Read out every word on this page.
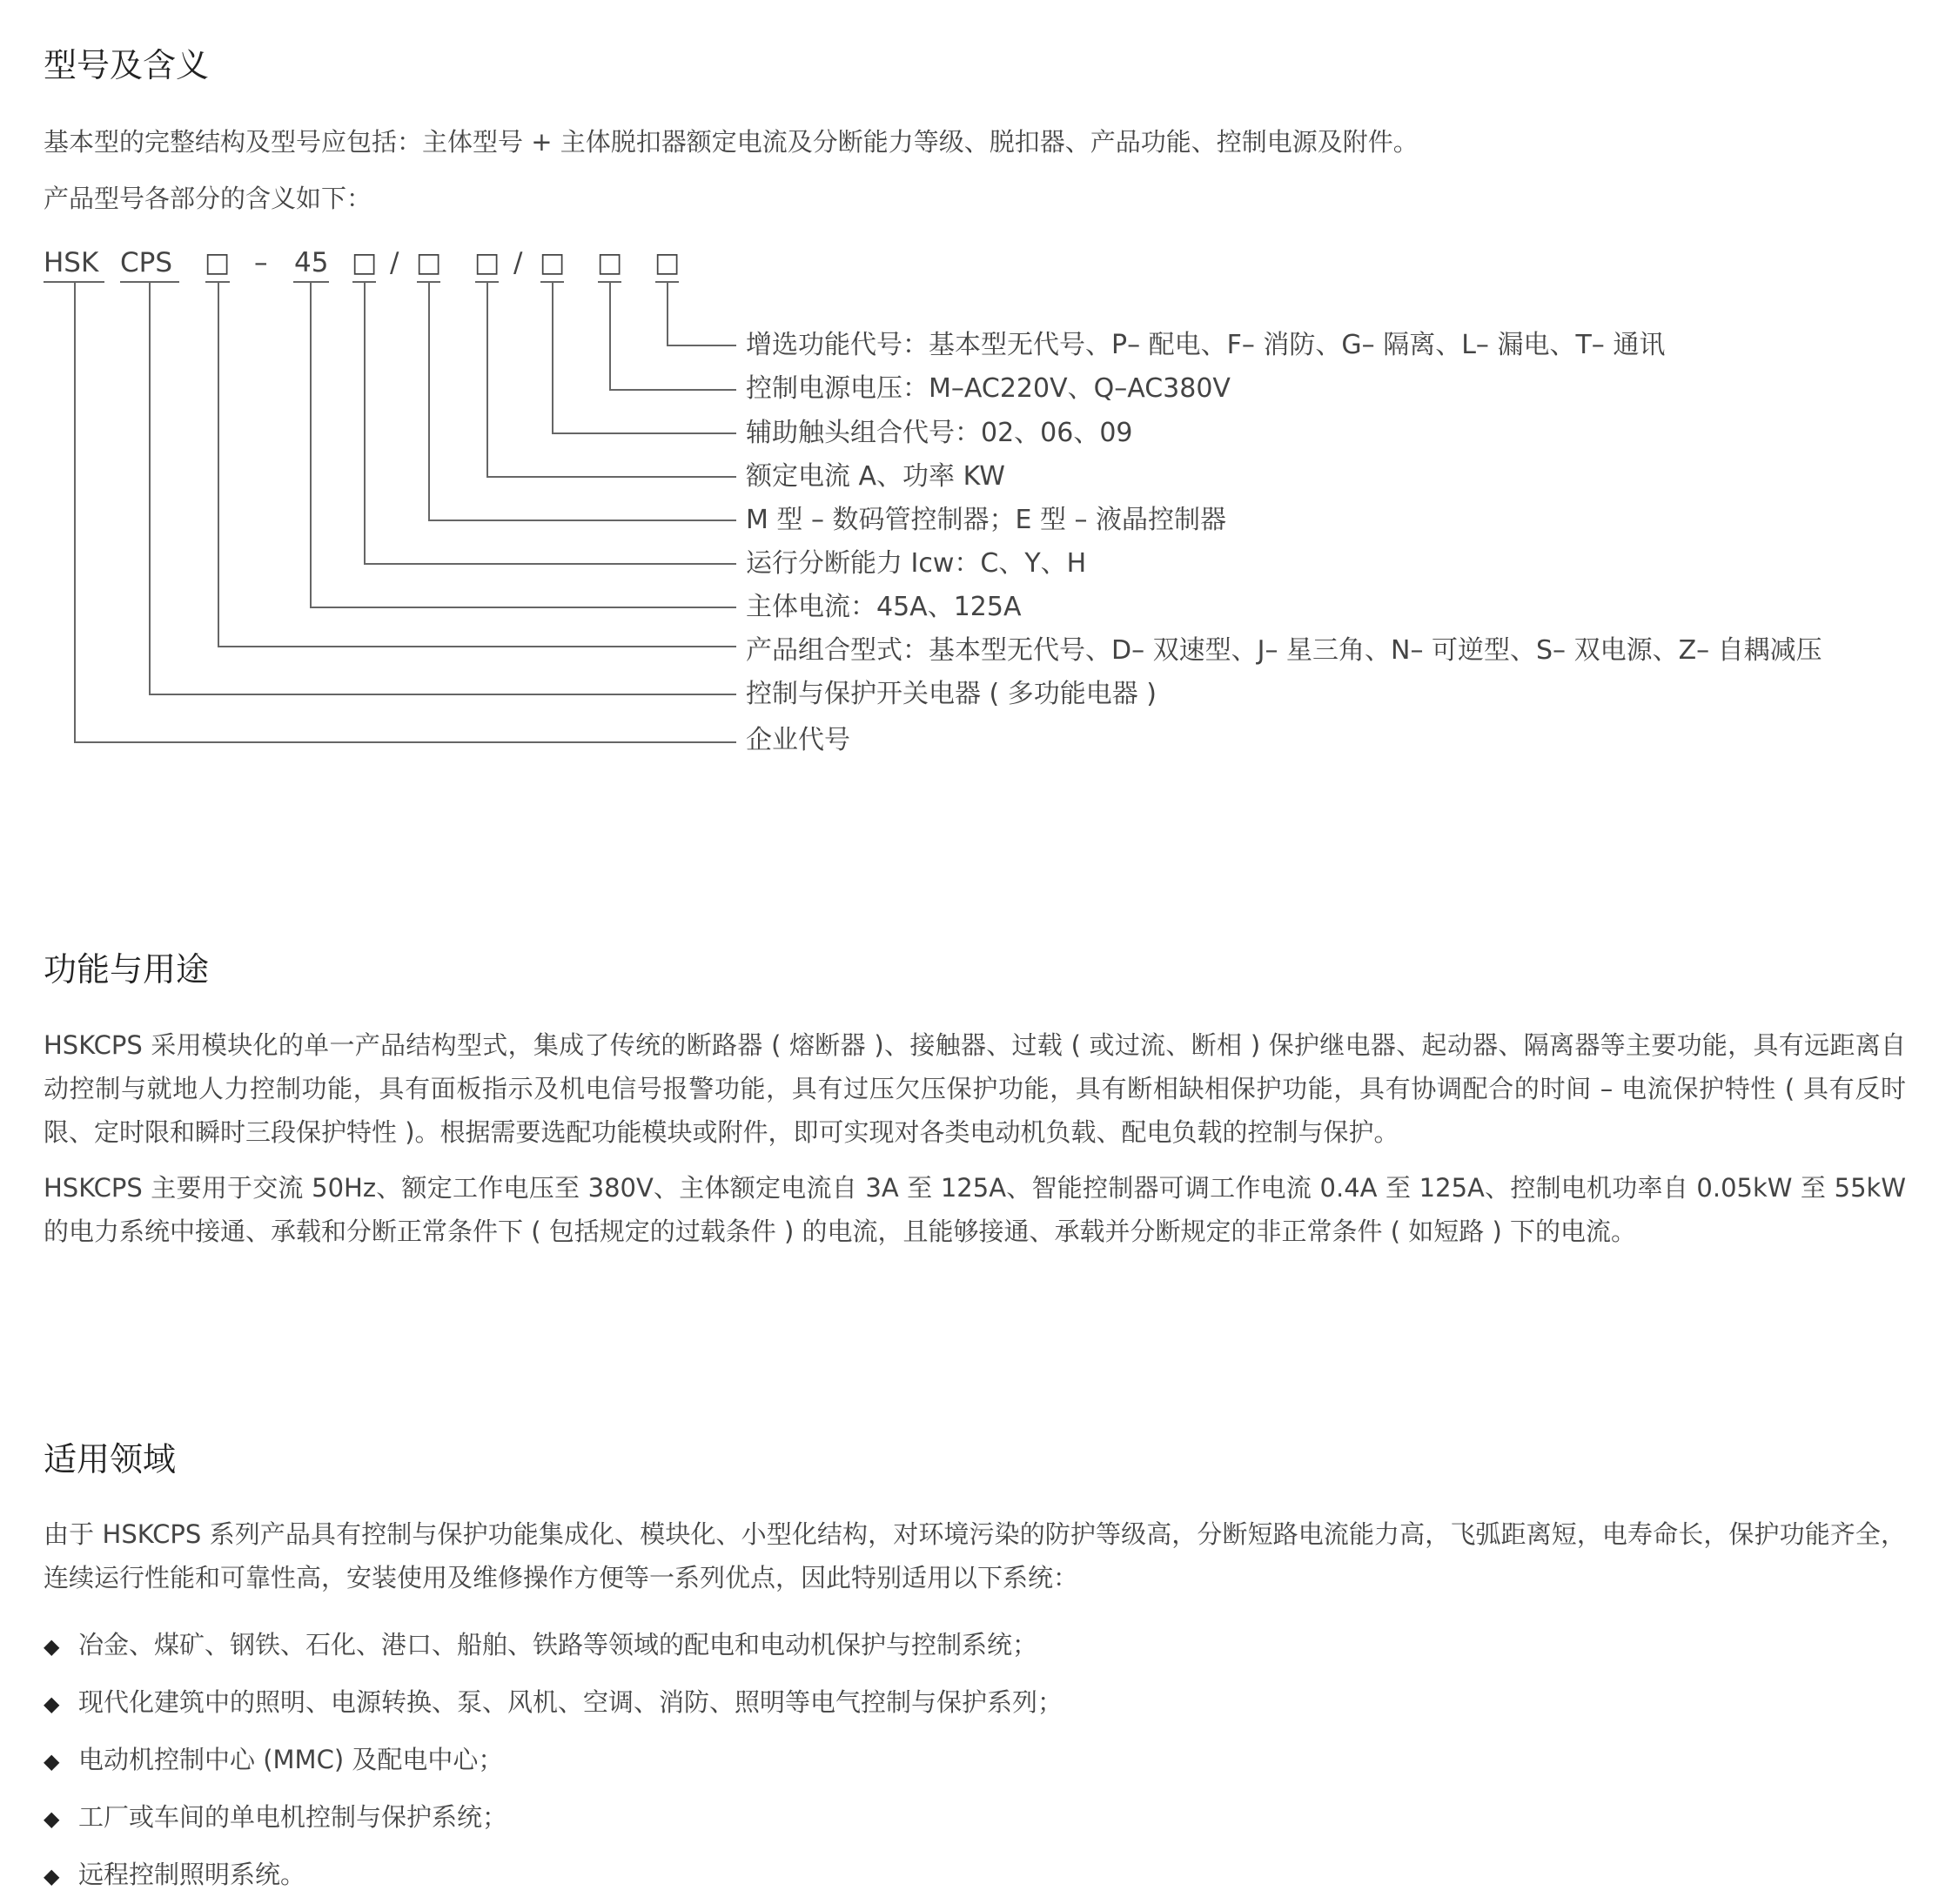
型号及含义

基本型的完整结构及型号应包括：主体型号 + 主体脱扣器额定电流及分断能力等级、脱扣器、产品功能、控制电源及附件。

产品型号各部分的含义如下：

HSK CPS □ – 45 □ / □ □ / □ □ □
增选功能代号：基本型无代号、P– 配电、F– 消防、G– 隔离、L– 漏电、T– 通讯
控制电源电压：M–AC220V、Q–AC380V
辅助触头组合代号：02、06、09
额定电流 A、功率 KW
M 型 – 数码管控制器；E 型 – 液晶控制器
运行分断能力 Icw：C、Y、H
主体电流：45A、125A
产品组合型式：基本型无代号、D– 双速型、J– 星三角、N– 可逆型、S– 双电源、Z– 自耦减压
控制与保护开关电器 ( 多功能电器 )
企业代号
功能与用途

HSKCPS 采用模块化的单一产品结构型式，集成了传统的断路器 ( 熔断器 )、接触器、过载 ( 或过流、断相 ) 保护继电器、起动器、隔离器等主要功能，具有远距离自动控制与就地人力控制功能，具有面板指示及机电信号报警功能，具有过压欠压保护功能，具有断相缺相保护功能，具有协调配合的时间 – 电流保护特性 ( 具有反时限、定时限和瞬时三段保护特性 )。根据需要选配功能模块或附件，即可实现对各类电动机负载、配电负载的控制与保护。

HSKCPS 主要用于交流 50Hz、额定工作电压至 380V、主体额定电流自 3A 至 125A、智能控制器可调工作电流 0.4A 至 125A、控制电机功率自 0.05kW 至 55kW 的电力系统中接通、承载和分断正常条件下 ( 包括规定的过载条件 ) 的电流，且能够接通、承载并分断规定的非正常条件 ( 如短路 ) 下的电流。

适用领域

由于 HSKCPS 系列产品具有控制与保护功能集成化、模块化、小型化结构，对环境污染的防护等级高，分断短路电流能力高，飞弧距离短，电寿命长，保护功能齐全，连续运行性能和可靠性高，安装使用及维修操作方便等一系列优点，因此特别适用以下系统：

◆ 冶金、煤矿、钢铁、石化、港口、船舶、铁路等领域的配电和电动机保护与控制系统；
◆ 现代化建筑中的照明、电源转换、泵、风机、空调、消防、照明等电气控制与保护系列；
◆ 电动机控制中心 (MMC) 及配电中心；
◆ 工厂或车间的单电机控制与保护系统；
◆ 远程控制照明系统。
